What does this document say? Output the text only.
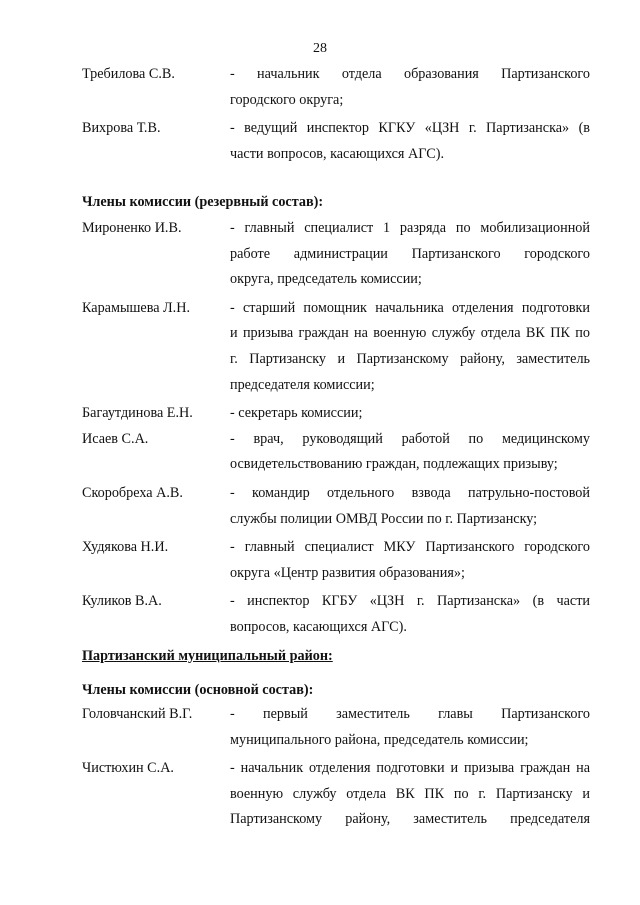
28
Требилова С.В.	- начальник отдела образования Партизанского
городского округа;
Вихрова Т.В.	- ведущий инспектор КГКУ «ЦЗН г. Партизанска» (в
части вопросов, касающихся АГС).
Члены комиссии (резервный состав):
Мироненко И.В.	- главный специалист 1 разряда по мобилизационной
работе администрации Партизанского городского
округа, председатель комиссии;
Карамышева Л.Н.	- старший помощник начальника отделения подготовки
и призыва граждан на военную службу отдела ВК ПК по
г. Партизанску и Партизанскому району, заместитель
председателя комиссии;
Багаутдинова Е.Н.	- секретарь комиссии;
Исаев С.А.	- врач, руководящий работой по медицинскому
освидетельствованию граждан, подлежащих призыву;
Скоробреха А.В.	- командир отдельного взвода патрульно-постовой
службы полиции ОМВД России по г. Партизанску;
Худякова Н.И.	- главный специалист МКУ Партизанского городского
округа «Центр развития образования»;
Куликов В.А.	- инспектор КГБУ «ЦЗН г. Партизанска» (в части
вопросов, касающихся АГС).
Партизанский муниципальный район:
Члены комиссии (основной состав):
Головчанский В.Г.	- первый заместитель главы Партизанского
муниципального района, председатель комиссии;
Чистюхин С.А.	- начальник отделения подготовки и призыва граждан на
военную службу отдела ВК ПК по г. Партизанску и
Партизанскому району, заместитель председателя
